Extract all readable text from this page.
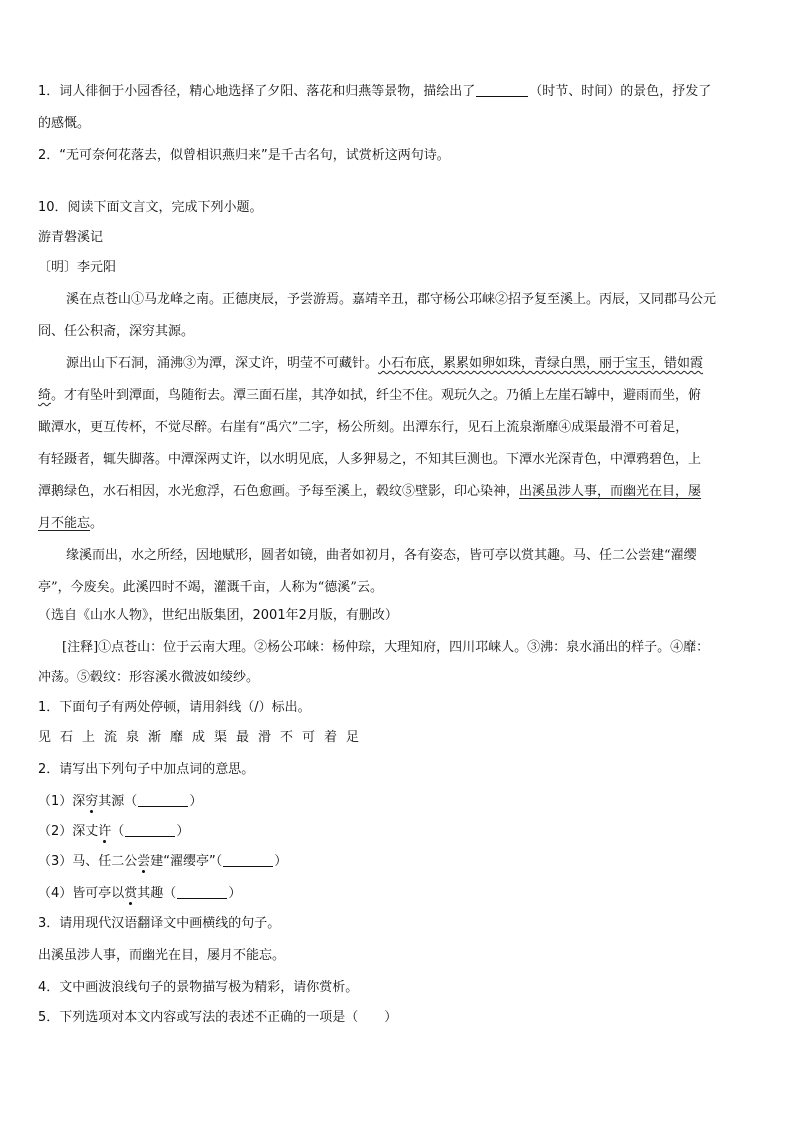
1．词人徘徊于小园香径，精心地选择了夕阳、落花和归燕等景物，描绘出了	（时节、时间）的景色，抒发了
的感慨。
2．“无可奈何花落去，似曾相识燕归来”是千古名句，试赏析这两句诗。
10．阅读下面文言文，完成下列小题。
游青磐溪记
〔明〕李元阳
溪在点苍山①马龙峰之南。正德庚辰，予尝游焉。嘉靖辛丑，郡守杨公邛崃②招予复至溪上。丙辰，又同郡马公元
冏、任公积斋，深穷其源。
源出山下石洞，涌沸③为潭，深丈许，明莹不可藏针。小石布底，累累如卵如珠，青绿白黑，丽于宝玉，错如霞
绮。才有坠叶到潭面，鸟随衔去。潭三面石崖，其净如拭，纤尘不住。观玩久之。乃循上左崖石罅中，避雨而坐，俯
瞰潭水，更互传杯，不觉尽醉。右崖有“禹穴”二字，杨公所刻。出潭东行，见石上流泉渐靡④成渠最滑不可着足，
有轻蹑者，辄失脚落。中潭深两丈许，以水明见底，人多狎易之，不知其巨测也。下潭水光深青色，中潭鸦碧色，上
潭鹅绿色，水石相因，水光愈浮，石色愈画。予每至溪上，毂纹⑤壁影，印心染神，出溪虽涉人事，而幽光在目，屡
月不能忘。
缘溪而出，水之所经，因地赋形，圆者如镜，曲者如初月，各有姿态，皆可亭以赏其趣。马、任二公尝建“濯缨
亭”，今废矣。此溪四时不竭，灌溉千亩，人称为“德溪”云。
（选自《山水人物》，世纪出版集团，2001年2月版，有删改）
[注释]①点苍山：位于云南大理。②杨公邛崃：杨仲琮，大理知府，四川邛崃人。③沸：泉水涌出的样子。④靡：
冲荡。⑤毂纹：形容溪水微波如绫纱。
1．下面句子有两处停顿，请用斜线（/）标出。
见石上流泉渐靡成渠最滑不可着足
2．请写出下列句子中加点词的意思。
（1）深穷其源（	）
（2）深丈许（	）
（3）马、任二公尝建“濯缨亭”（	）
（4）皆可亭以赏其趣（	）
3．请用现代汉语翻译文中画横线的句子。
出溪虽涉人事，而幽光在目，屡月不能忘。
4．文中画波浪线句子的景物描写极为精彩，请你赏析。
5．下列选项对本文内容或写法的表述不正确的一项是（　　）
